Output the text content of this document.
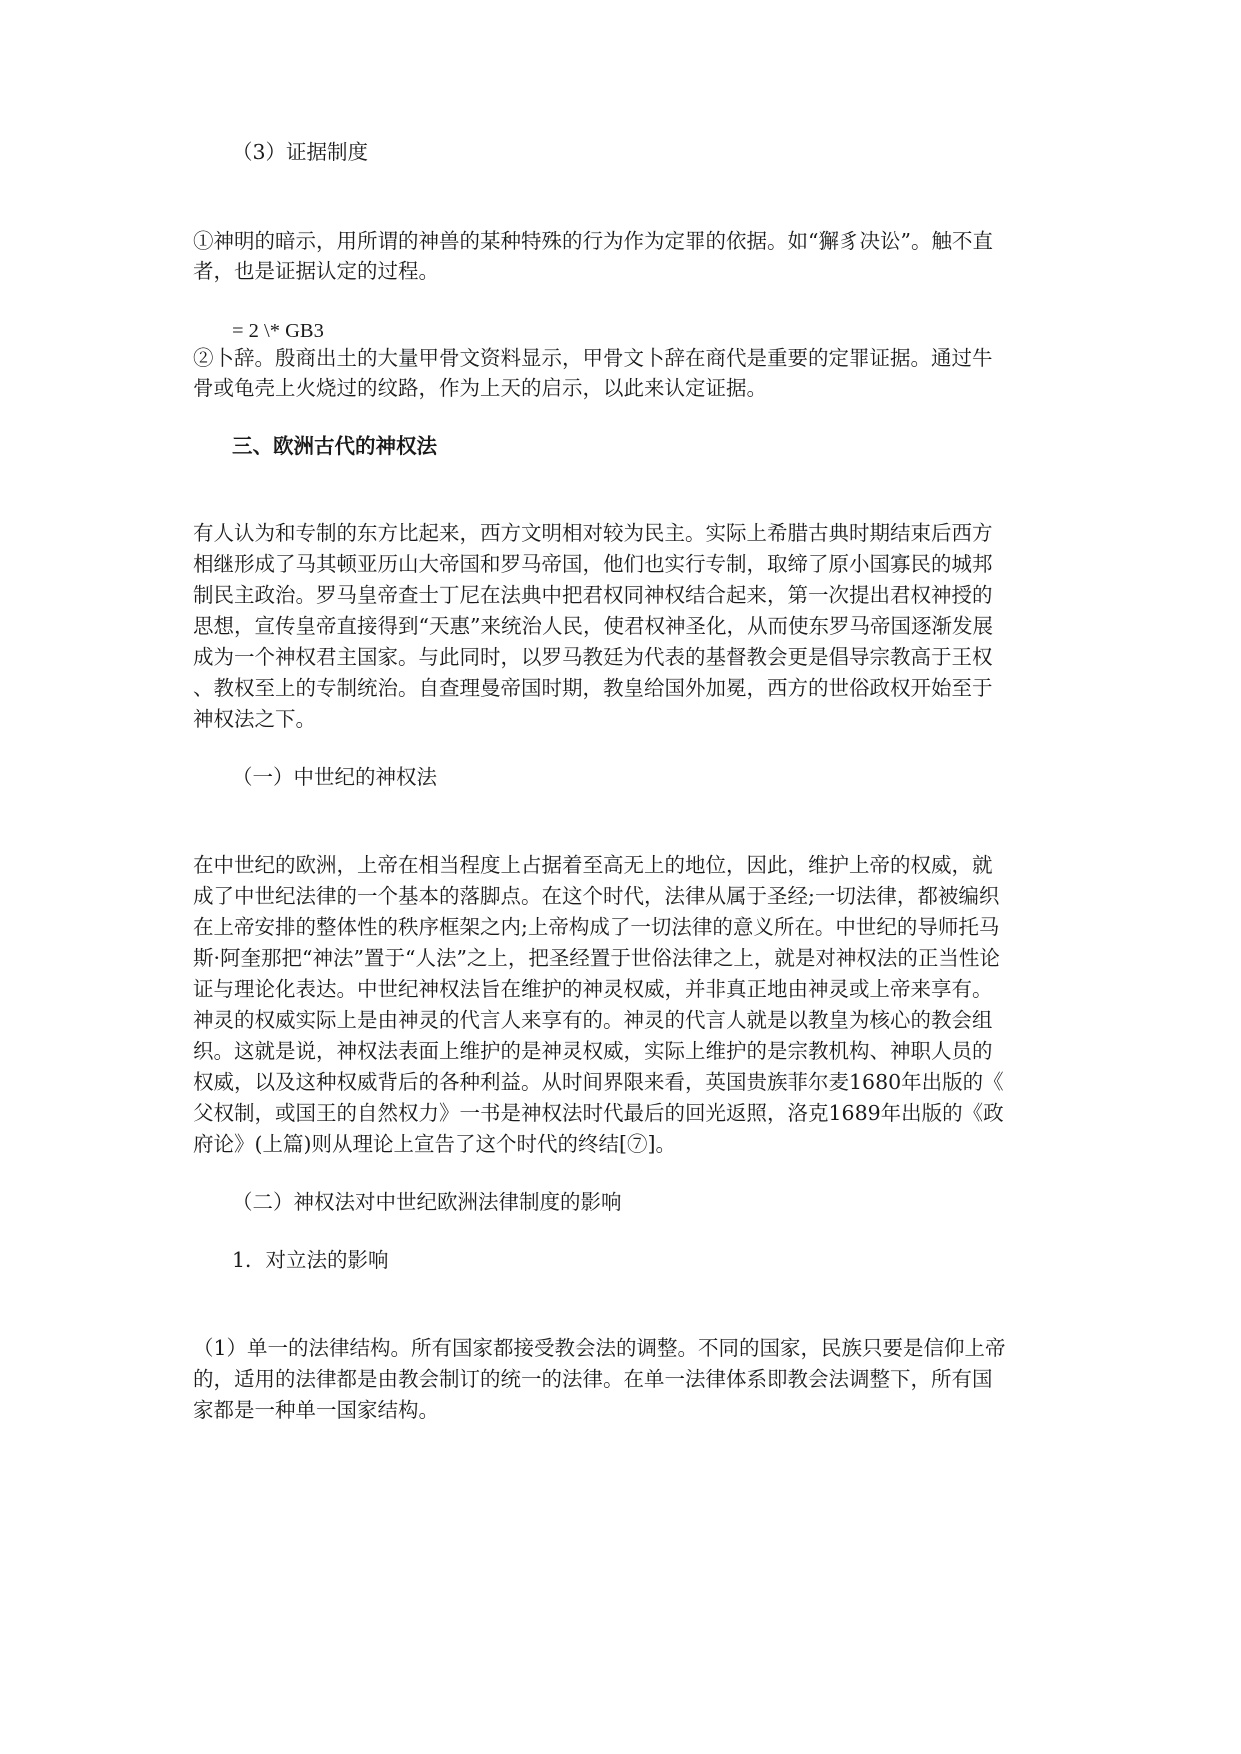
（3）证据制度
①神明的暗示，用所谓的神兽的某种特殊的行为作为定罪的依据。如“獬豸决讼”。触不直
者，也是证据认定的过程。
= 2 \* GB3
②卜辞。殷商出土的大量甲骨文资料显示，甲骨文卜辞在商代是重要的定罪证据。通过牛
骨或龟壳上火烧过的纹路，作为上天的启示，以此来认定证据。
三、欧洲古代的神权法
有人认为和专制的东方比起来，西方文明相对较为民主。实际上希腊古典时期结束后西方
相继形成了马其顿亚历山大帝国和罗马帝国，他们也实行专制，取缔了原小国寡民的城邦
制民主政治。罗马皇帝查士丁尼在法典中把君权同神权结合起来，第一次提出君权神授的
思想，宣传皇帝直接得到“天惠”来统治人民，使君权神圣化，从而使东罗马帝国逐渐发展
成为一个神权君主国家。与此同时，以罗马教廷为代表的基督教会更是倡导宗教高于王权
、教权至上的专制统治。自查理曼帝国时期，教皇给国外加冕，西方的世俗政权开始至于
神权法之下。
（一）中世纪的神权法
在中世纪的欧洲，上帝在相当程度上占据着至高无上的地位，因此，维护上帝的权威，就
成了中世纪法律的一个基本的落脚点。在这个时代，法律从属于圣经;一切法律，都被编织
在上帝安排的整体性的秩序框架之内;上帝构成了一切法律的意义所在。中世纪的导师托马
斯·阿奎那把“神法”置于“人法”之上，把圣经置于世俗法律之上，就是对神权法的正当性论
证与理论化表达。中世纪神权法旨在维护的神灵权威，并非真正地由神灵或上帝来享有。
神灵的权威实际上是由神灵的代言人来享有的。神灵的代言人就是以教皇为核心的教会组
织。这就是说，神权法表面上维护的是神灵权威，实际上维护的是宗教机构、神职人员的
权威，以及这种权威背后的各种利益。从时间界限来看，英国贵族菲尔麦1680年出版的《
父权制，或国王的自然权力》一书是神权法时代最后的回光返照，洛克1689年出版的《政
府论》(上篇)则从理论上宣告了这个时代的终结[⑦]。
（二）神权法对中世纪欧洲法律制度的影响
1．对立法的影响
（1）单一的法律结构。所有国家都接受教会法的调整。不同的国家，民族只要是信仰上帝
的，适用的法律都是由教会制订的统一的法律。在单一法律体系即教会法调整下，所有国
家都是一种单一国家结构。
